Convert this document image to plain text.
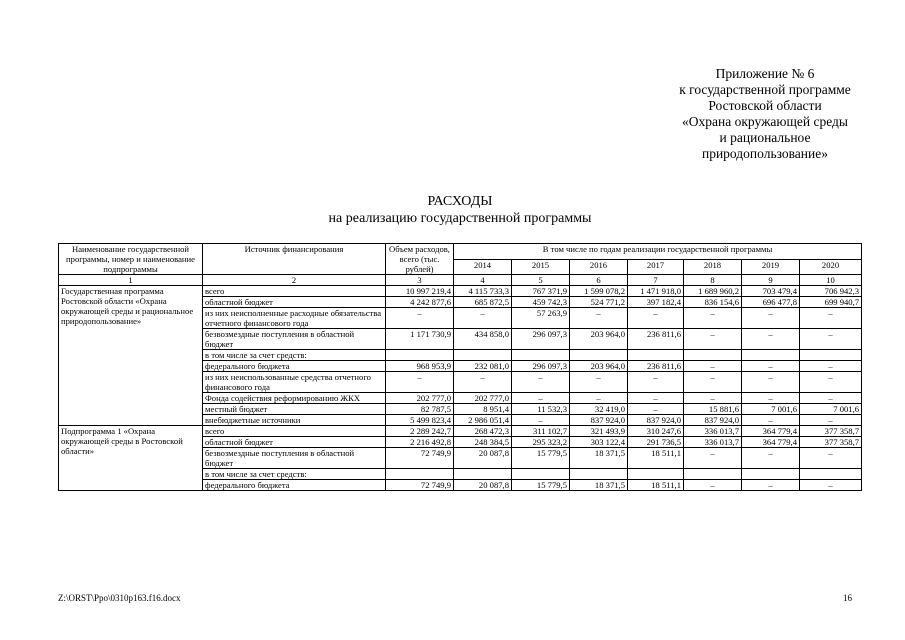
Приложение № 6
к государственной программе
Ростовской области
«Охрана окружающей среды
и рациональное
природопользование»
РАСХОДЫ
на реализацию государственной программы
Наименование государственной программы, номер и наименование подпрограммы	Источник финансирования	Объем расходов, всего (тыс. рублей)	В том числе по годам реализации государственной программы						
			2014	2015	2016	2017	2018	2019	2020
1	2	3	4	5	6	7	8	9	10
Государственная программа Ростовской области «Охрана окружающей среды и рациональное природопользование»	всего	10 997 219,4	4 115 733,3	767 371,9	1 599 078,2	1 471 918,0	1 689 960,2	703 479,4	706 942,3
	областной бюджет	4 242 877,6	685 872,5	459 742,3	524 771,2	397 182,4	836 154,6	696 477,8	699 940,7
	из них неисполненные расходные обязательства отчетного финансового года	–	–	57 263,9	–	–	–	–	–
	безвозмездные поступления в областной бюджет	1 171 730,9	434 858,0	296 097,3	203 964,0	236 811,6	–	–	–
	в том числе за счет средств:								
	федерального бюджета	968 953,9	232 081,0	296 097,3	203 964,0	236 811,6	–	–	–
	из них неиспользованные средства отчетного финансового года	–	–	–	–	–	–	–	–
	Фонда содействия реформированию ЖКХ	202 777,0	202 777,0	–	–	–	–	–	–
	местный бюджет	82 787,5	8 951,4	11 532,3	32 419,0	–	15 881,6	7 001,6	7 001,6
	внебюджетные источники	5 499 823,4	2 986 051,4	–	837 924,0	837 924,0	837 924,0	–	–
Подпрограмма 1 «Охрана окружающей среды в Ростовской области»	всего	2 289 242,7	268 472,3	311 102,7	321 493,9	310 247,6	336 013,7	364 779,4	377 358,7
	областной бюджет	2 216 492,8	248 384,5	295 323,2	303 122,4	291 736,5	336 013,7	364 779,4	377 358,7
	безвозмездные поступления в областной бюджет	72 749,9	20 087,8	15 779,5	18 371,5	18 511,1	–	–	–
	в том числе за счет средств:								
	федерального бюджета	72 749,9	20 087,8	15 779,5	18 371,5	18 511,1	–	–	–
Z:\ORST\Ppo\0310p163.f16.docx	16
